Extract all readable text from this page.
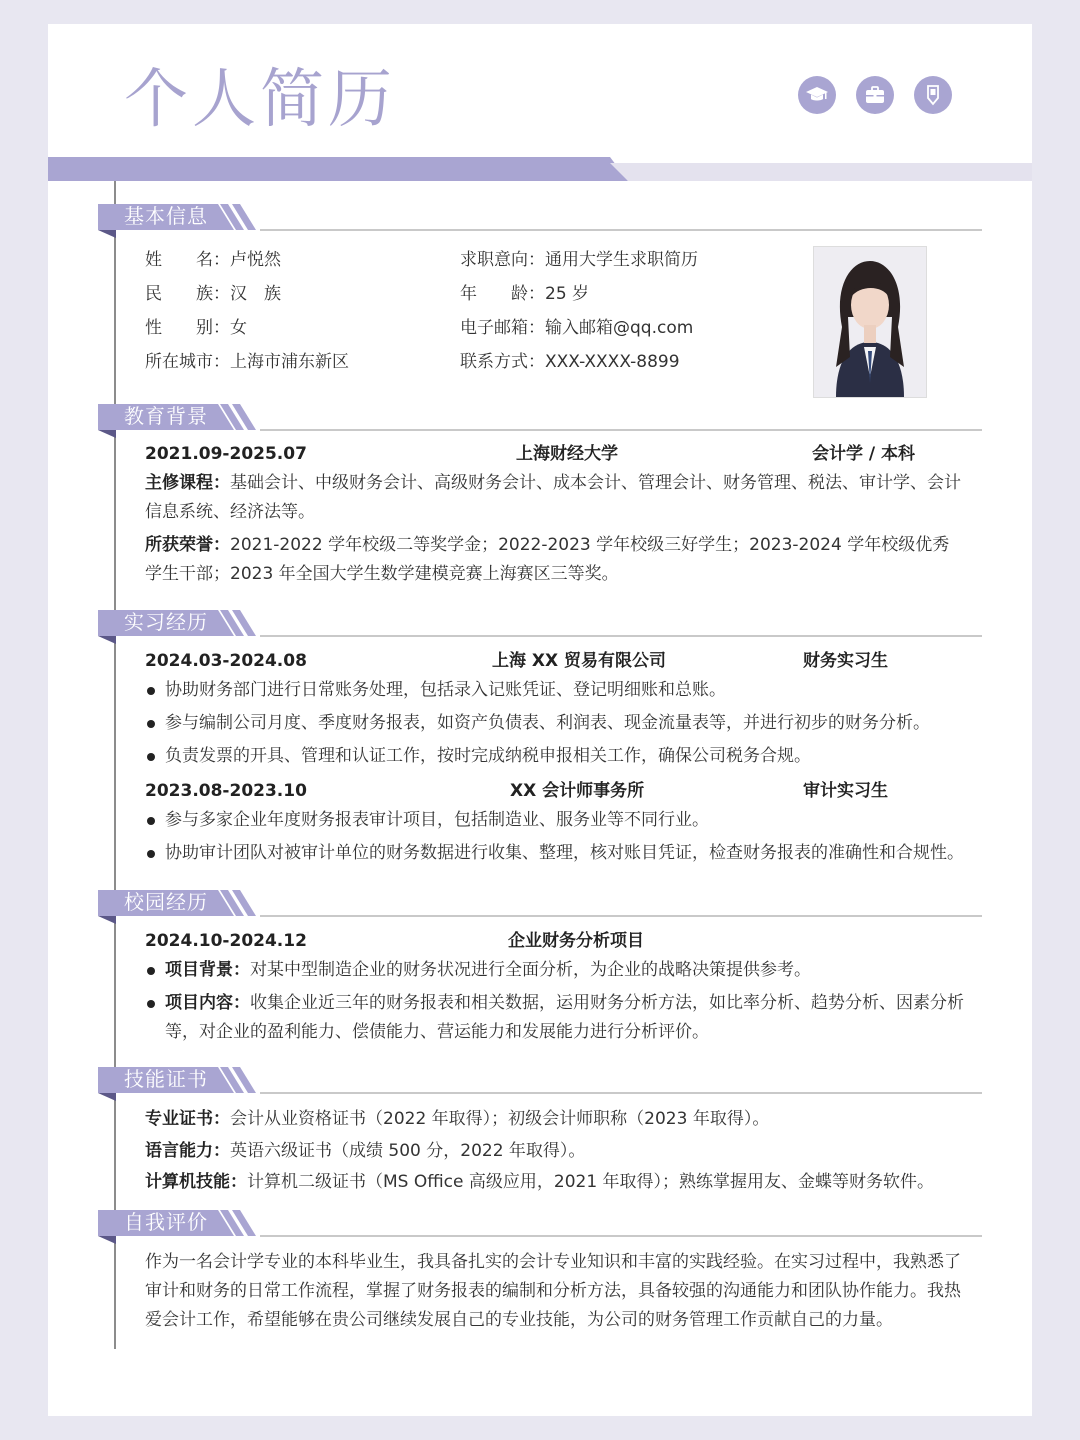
个人简历
基本信息
姓　　名：卢悦然
民　　族：汉　族
性　　别：女
所在城市：上海市浦东新区
求职意向：通用大学生求职简历
年　　龄：25 岁
电子邮箱：输入邮箱@qq.com
联系方式：XXX-XXXX-8899
教育背景
2021.09-2025.07	上海财经大学	会计学 / 本科
主修课程：基础会计、中级财务会计、高级财务会计、成本会计、管理会计、财务管理、税法、审计学、会计信息系统、经济法等。
所获荣誉：2021-2022 学年校级二等奖学金；2022-2023 学年校级三好学生；2023-2024 学年校级优秀学生干部；2023 年全国大学生数学建模竞赛上海赛区三等奖。
实习经历
2024.03-2024.08	上海 XX 贸易有限公司	财务实习生
协助财务部门进行日常账务处理，包括录入记账凭证、登记明细账和总账。
参与编制公司月度、季度财务报表，如资产负债表、利润表、现金流量表等，并进行初步的财务分析。
负责发票的开具、管理和认证工作，按时完成纳税申报相关工作，确保公司税务合规。
2023.08-2023.10	XX 会计师事务所	审计实习生
参与多家企业年度财务报表审计项目，包括制造业、服务业等不同行业。
协助审计团队对被审计单位的财务数据进行收集、整理，核对账目凭证，检查财务报表的准确性和合规性。
校园经历
2024.10-2024.12	企业财务分析项目
项目背景：对某中型制造企业的财务状况进行全面分析，为企业的战略决策提供参考。
项目内容：收集企业近三年的财务报表和相关数据，运用财务分析方法，如比率分析、趋势分析、因素分析等，对企业的盈利能力、偿债能力、营运能力和发展能力进行分析评价。
技能证书
专业证书：会计从业资格证书（2022 年取得）；初级会计师职称（2023 年取得）。
语言能力：英语六级证书（成绩 500 分，2022 年取得）。
计算机技能：计算机二级证书（MS Office 高级应用，2021 年取得）；熟练掌握用友、金蝶等财务软件。
自我评价
作为一名会计学专业的本科毕业生，我具备扎实的会计专业知识和丰富的实践经验。在实习过程中，我熟悉了审计和财务的日常工作流程，掌握了财务报表的编制和分析方法，具备较强的沟通能力和团队协作能力。我热爱会计工作，希望能够在贵公司继续发展自己的专业技能，为公司的财务管理工作贡献自己的力量。
